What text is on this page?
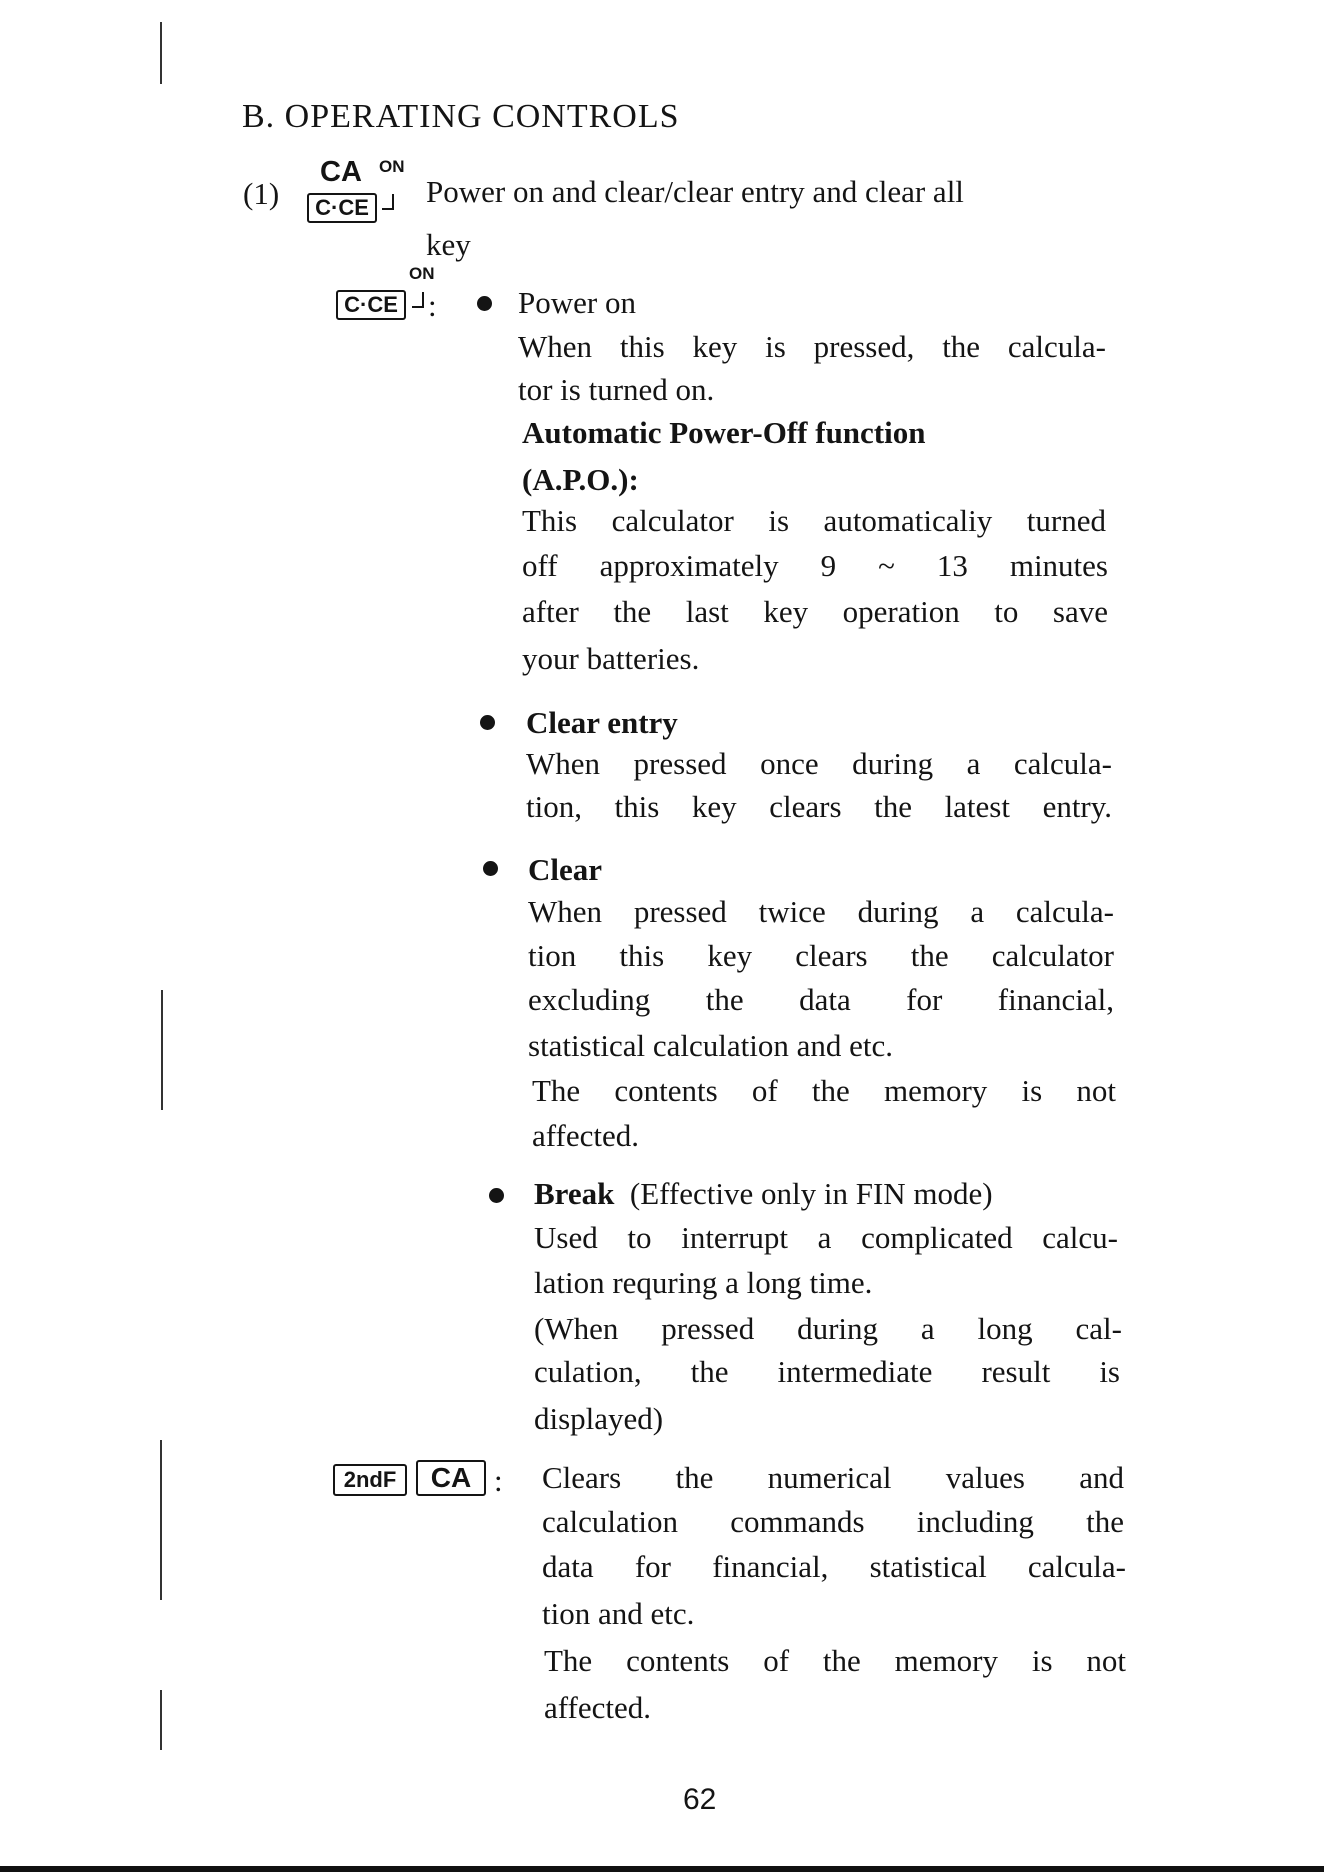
B. OPERATING CONTROLS
(1)
CA ON
C·CE Power on and clear/clear entry and clear all
key
ON
C·CE :	Power on
When this key is pressed, the calcula-
tor is turned on.
Automatic Power-Off function
(A.P.O.):
This calculator is automaticaliy turned
off approximately 9 ~ 13 minutes
after the last key operation to save
your batteries.
Clear entry
When pressed once during a calcula-
tion, this key clears the latest entry.
Clear
When pressed twice during a calcula-
tion this key clears the calculator
excluding the data for financial,
statistical calculation and etc.
The contents of the memory is not
affected.
Break (Effective only in FIN mode)
Used to interrupt a complicated calcu-
lation requring a long time.
(When pressed during a long cal-
culation, the intermediate result is
displayed)
2ndF	CA : Clears the numerical values and
calculation commands including the
data for financial, statistical calcula-
tion and etc.
The contents of the memory is not
affected.
62
